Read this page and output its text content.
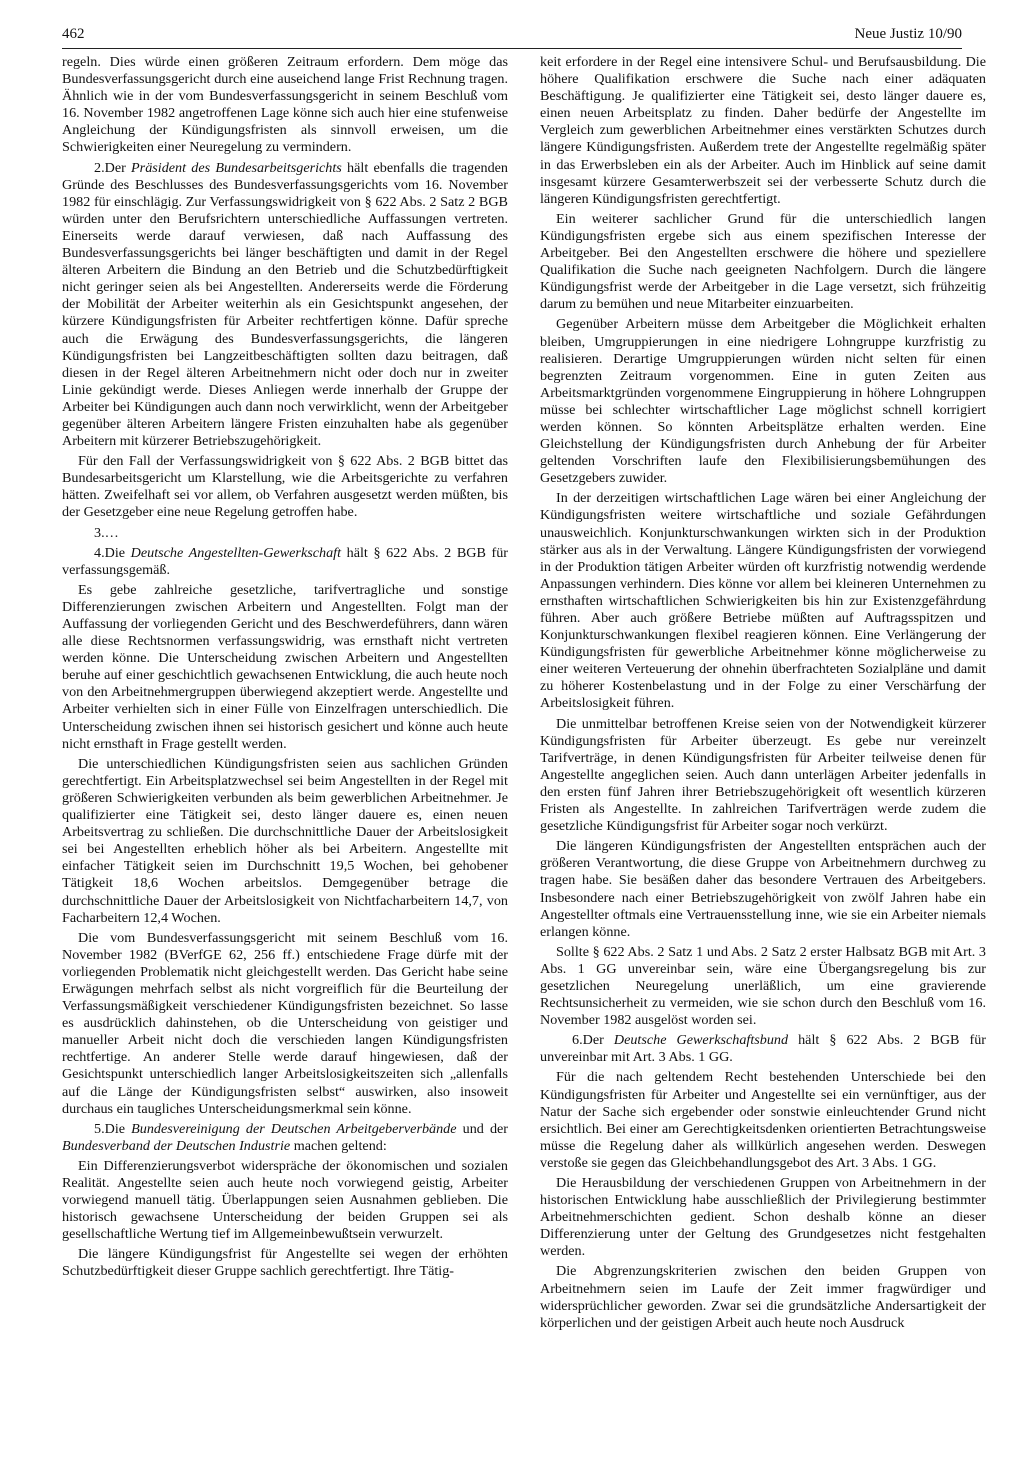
462	Neue Justiz 10/90

regeln. Dies würde einen größeren Zeitraum erfordern. Dem möge das Bundesverfassungsgericht durch eine auseichend lange Frist Rechnung tragen. Ähnlich wie in der vom Bundesverfassungsgericht in seinem Beschluß vom 16. November 1982 angetroffenen Lage könne sich auch hier eine stufenweise Angleichung der Kündigungsfristen als sinnvoll erweisen, um die Schwierigkeiten einer Neuregelung zu vermindern.

2.Der Präsident des Bundesarbeitsgerichts hält ebenfalls die tragenden Gründe des Beschlusses des Bundesverfassungsgerichts vom 16. November 1982 für einschlägig. Zur Verfassungswidrigkeit von § 622 Abs. 2 Satz 2 BGB würden unter den Berufsrichtern unterschiedliche Auffassungen vertreten. Einerseits werde darauf verwiesen, daß nach Auffassung des Bundesverfassungsgerichts bei länger beschäftigten und damit in der Regel älteren Arbeitern die Bindung an den Betrieb und die Schutzbedürftigkeit nicht geringer seien als bei Angestellten. Andererseits werde die Förderung der Mobilität der Arbeiter weiterhin als ein Gesichtspunkt angesehen, der kürzere Kündigungsfristen für Arbeiter rechtfertigen könne. Dafür spreche auch die Erwägung des Bundesverfassungsgerichts, die längeren Kündigungsfristen bei Langzeitbeschäftigten sollten dazu beitragen, daß diesen in der Regel älteren Arbeitnehmern nicht oder doch nur in zweiter Linie gekündigt werde. Dieses Anliegen werde innerhalb der Gruppe der Arbeiter bei Kündigungen auch dann noch verwirklicht, wenn der Arbeitgeber gegenüber älteren Arbeitern längere Fristen einzuhalten habe als gegenüber Arbeitern mit kürzerer Betriebszugehörigkeit.

Für den Fall der Verfassungswidrigkeit von § 622 Abs. 2 BGB bittet das Bundesarbeitsgericht um Klarstellung, wie die Arbeitsgerichte zu verfahren hätten. Zweifelhaft sei vor allem, ob Verfahren ausgesetzt werden müßten, bis der Gesetzgeber eine neue Regelung getroffen habe.

3.…

4.Die Deutsche Angestellten-Gewerkschaft hält § 622 Abs. 2 BGB für verfassungsgemäß.

Es gebe zahlreiche gesetzliche, tarifvertragliche und sonstige Differenzierungen zwischen Arbeitern und Angestellten. Folgt man der Auffassung der vorliegenden Gericht und des Beschwerdeführers, dann wären alle diese Rechtsnormen verfassungswidrig, was ernsthaft nicht vertreten werden könne. Die Unterscheidung zwischen Arbeitern und Angestellten beruhe auf einer geschichtlich gewachsenen Entwicklung, die auch heute noch von den Arbeitnehmergruppen überwiegend akzeptiert werde. Angestellte und Arbeiter verhielten sich in einer Fülle von Einzelfragen unterschiedlich. Die Unterscheidung zwischen ihnen sei historisch gesichert und könne auch heute nicht ernsthaft in Frage gestellt werden.

Die unterschiedlichen Kündigungsfristen seien aus sachlichen Gründen gerechtfertigt. Ein Arbeitsplatzwechsel sei beim Angestellten in der Regel mit größeren Schwierigkeiten verbunden als beim gewerblichen Arbeitnehmer. Je qualifizierter eine Tätigkeit sei, desto länger dauere es, einen neuen Arbeitsvertrag zu schließen. Die durchschnittliche Dauer der Arbeitslosigkeit sei bei Angestellten erheblich höher als bei Arbeitern. Angestellte mit einfacher Tätigkeit seien im Durchschnitt 19,5 Wochen, bei gehobener Tätigkeit 18,6 Wochen arbeitslos. Demgegenüber betrage die durchschnittliche Dauer der Arbeitslosigkeit von Nichtfacharbeitern 14,7, von Facharbeitern 12,4 Wochen.

Die vom Bundesverfassungsgericht mit seinem Beschluß vom 16. November 1982 (BVerfGE 62, 256 ff.) entschiedene Frage dürfe mit der vorliegenden Problematik nicht gleichgestellt werden. Das Gericht habe seine Erwägungen mehrfach selbst als nicht vorgreiflich für die Beurteilung der Verfassungsmäßigkeit verschiedener Kündigungsfristen bezeichnet. So lasse es ausdrücklich dahinstehen, ob die Unterscheidung von geistiger und manueller Arbeit nicht doch die verschieden langen Kündigungsfristen rechtfertige. An anderer Stelle werde darauf hingewiesen, daß der Gesichtspunkt unterschiedlich langer Arbeitslosigkeitszeiten sich „allenfalls auf die Länge der Kündigungsfristen selbst“ auswirken, also insoweit durchaus ein taugliches Unterscheidungsmerkmal sein könne.

5.Die Bundesvereinigung der Deutschen Arbeitgeberverbände und der Bundesverband der Deutschen Industrie machen geltend:

Ein Differenzierungsverbot widerspräche der ökonomischen und sozialen Realität. Angestellte seien auch heute noch vorwiegend geistig, Arbeiter vorwiegend manuell tätig. Überlappungen seien Ausnahmen geblieben. Die historisch gewachsene Unterscheidung der beiden Gruppen sei als gesellschaftliche Wertung tief im Allgemeinbewußtsein verwurzelt.

Die längere Kündigungsfrist für Angestellte sei wegen der erhöhten Schutzbedürftigkeit dieser Gruppe sachlich gerechtfertigt. Ihre Tätig-

keit erfordere in der Regel eine intensivere Schul- und Berufsausbildung. Die höhere Qualifikation erschwere die Suche nach einer adäquaten Beschäftigung. Je qualifizierter eine Tätigkeit sei, desto länger dauere es, einen neuen Arbeitsplatz zu finden. Daher bedürfe der Angestellte im Vergleich zum gewerblichen Arbeitnehmer eines verstärkten Schutzes durch längere Kündigungsfristen. Außerdem trete der Angestellte regelmäßig später in das Erwerbsleben ein als der Arbeiter. Auch im Hinblick auf seine damit insgesamt kürzere Gesamterwerbszeit sei der verbesserte Schutz durch die längeren Kündigungsfristen gerechtfertigt.

Ein weiterer sachlicher Grund für die unterschiedlich langen Kündigungsfristen ergebe sich aus einem spezifischen Interesse der Arbeitgeber. Bei den Angestellten erschwere die höhere und speziellere Qualifikation die Suche nach geeigneten Nachfolgern. Durch die längere Kündigungsfrist werde der Arbeitgeber in die Lage versetzt, sich frühzeitig darum zu bemühen und neue Mitarbeiter einzuarbeiten.

Gegenüber Arbeitern müsse dem Arbeitgeber die Möglichkeit erhalten bleiben, Umgruppierungen in eine niedrigere Lohngruppe kurzfristig zu realisieren. Derartige Umgruppierungen würden nicht selten für einen begrenzten Zeitraum vorgenommen. Eine in guten Zeiten aus Arbeitsmarktgründen vorgenommene Eingruppierung in höhere Lohngruppen müsse bei schlechter wirtschaftlicher Lage möglichst schnell korrigiert werden können. So könnten Arbeitsplätze erhalten werden. Eine Gleichstellung der Kündigungsfristen durch Anhebung der für Arbeiter geltenden Vorschriften laufe den Flexibilisierungsbemühungen des Gesetzgebers zuwider.

In der derzeitigen wirtschaftlichen Lage wären bei einer Angleichung der Kündigungsfristen weitere wirtschaftliche und soziale Gefährdungen unausweichlich. Konjunkturschwankungen wirkten sich in der Produktion stärker aus als in der Verwaltung. Längere Kündigungsfristen der vorwiegend in der Produktion tätigen Arbeiter würden oft kurzfristig notwendig werdende Anpassungen verhindern. Dies könne vor allem bei kleineren Unternehmen zu ernsthaften wirtschaftlichen Schwierigkeiten bis hin zur Existenzgefährdung führen. Aber auch größere Betriebe müßten auf Auftragsspitzen und Konjunkturschwankungen flexibel reagieren können. Eine Verlängerung der Kündigungsfristen für gewerbliche Arbeitnehmer könne möglicherweise zu einer weiteren Verteuerung der ohnehin überfrachteten Sozialpläne und damit zu höherer Kostenbelastung und in der Folge zu einer Verschärfung der Arbeitslosigkeit führen.

Die unmittelbar betroffenen Kreise seien von der Notwendigkeit kürzerer Kündigungsfristen für Arbeiter überzeugt. Es gebe nur vereinzelt Tarifverträge, in denen Kündigungsfristen für Arbeiter teilweise denen für Angestellte angeglichen seien. Auch dann unterlägen Arbeiter jedenfalls in den ersten fünf Jahren ihrer Betriebszugehörigkeit oft wesentlich kürzeren Fristen als Angestellte. In zahlreichen Tarifverträgen werde zudem die gesetzliche Kündigungsfrist für Arbeiter sogar noch verkürzt.

Die längeren Kündigungsfristen der Angestellten entsprächen auch der größeren Verantwortung, die diese Gruppe von Arbeitnehmern durchweg zu tragen habe. Sie besäßen daher das besondere Vertrauen des Arbeitgebers. Insbesondere nach einer Betriebszugehörigkeit von zwölf Jahren habe ein Angestellter oftmals eine Vertrauensstellung inne, wie sie ein Arbeiter niemals erlangen könne.

Sollte § 622 Abs. 2 Satz 1 und Abs. 2 Satz 2 erster Halbsatz BGB mit Art. 3 Abs. 1 GG unvereinbar sein, wäre eine Übergangsregelung bis zur gesetzlichen Neuregelung unerläßlich, um eine gravierende Rechtsunsicherheit zu vermeiden, wie sie schon durch den Beschluß vom 16. November 1982 ausgelöst worden sei.

6.Der Deutsche Gewerkschaftsbund hält § 622 Abs. 2 BGB für unvereinbar mit Art. 3 Abs. 1 GG.

Für die nach geltendem Recht bestehenden Unterschiede bei den Kündigungsfristen für Arbeiter und Angestellte sei ein vernünftiger, aus der Natur der Sache sich ergebender oder sonstwie einleuchtender Grund nicht ersichtlich. Bei einer am Gerechtigkeitsdenken orientierten Betrachtungsweise müsse die Regelung daher als willkürlich angesehen werden. Deswegen verstoße sie gegen das Gleichbehandlungsgebot des Art. 3 Abs. 1 GG.

Die Herausbildung der verschiedenen Gruppen von Arbeitnehmern in der historischen Entwicklung habe ausschließlich der Privilegierung bestimmter Arbeitnehmerschichten gedient. Schon deshalb könne an dieser Differenzierung unter der Geltung des Grundgesetzes nicht festgehalten werden.

Die Abgrenzungskriterien zwischen den beiden Gruppen von Arbeitnehmern seien im Laufe der Zeit immer fragwürdiger und widersprüchlicher geworden. Zwar sei die grundsätzliche Andersartigkeit der körperlichen und der geistigen Arbeit auch heute noch Ausdruck
